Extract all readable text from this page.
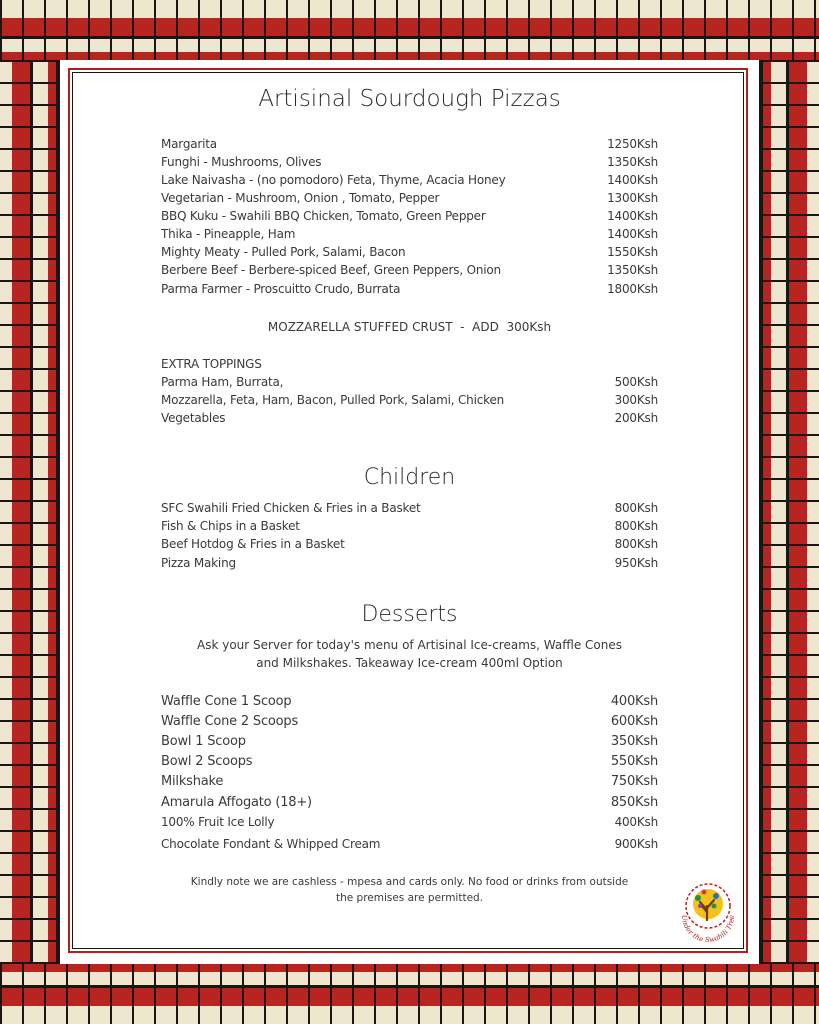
Artisinal Sourdough Pizzas
Margarita	1250Ksh
Funghi - Mushrooms, Olives	1350Ksh
Lake Naivasha - (no pomodoro) Feta, Thyme, Acacia Honey	1400Ksh
Vegetarian - Mushroom, Onion , Tomato, Pepper	1300Ksh
BBQ Kuku - Swahili BBQ Chicken, Tomato, Green Pepper	1400Ksh
Thika - Pineapple, Ham	1400Ksh
Mighty Meaty - Pulled Pork, Salami, Bacon	1550Ksh
Berbere Beef - Berbere-spiced Beef, Green Peppers, Onion	1350Ksh
Parma Farmer - Proscuitto Crudo, Burrata	1800Ksh
MOZZARELLA STUFFED CRUST  -  ADD  300Ksh
EXTRA TOPPINGS
Parma Ham, Burrata,	500Ksh
Mozzarella, Feta, Ham, Bacon, Pulled Pork, Salami, Chicken	300Ksh
Vegetables	200Ksh
Children
SFC Swahili Fried Chicken & Fries in a Basket	800Ksh
Fish & Chips in a Basket	800Ksh
Beef Hotdog & Fries in a Basket	800Ksh
Pizza Making	950Ksh
Desserts
Ask your Server for today's menu of Artisinal Ice-creams, Waffle Cones
and Milkshakes. Takeaway Ice-cream 400ml Option
Waffle Cone 1 Scoop	400Ksh
Waffle Cone 2 Scoops	600Ksh
Bowl 1 Scoop	350Ksh
Bowl 2 Scoops	550Ksh
Milkshake	750Ksh
Amarula Affogato (18+)	850Ksh
100% Fruit Ice Lolly	400Ksh
Chocolate Fondant & Whipped Cream	900Ksh
Kindly note we are cashless - mpesa and cards only. No food or drinks from outside
the premises are permitted.
Under the Swahili Tree
